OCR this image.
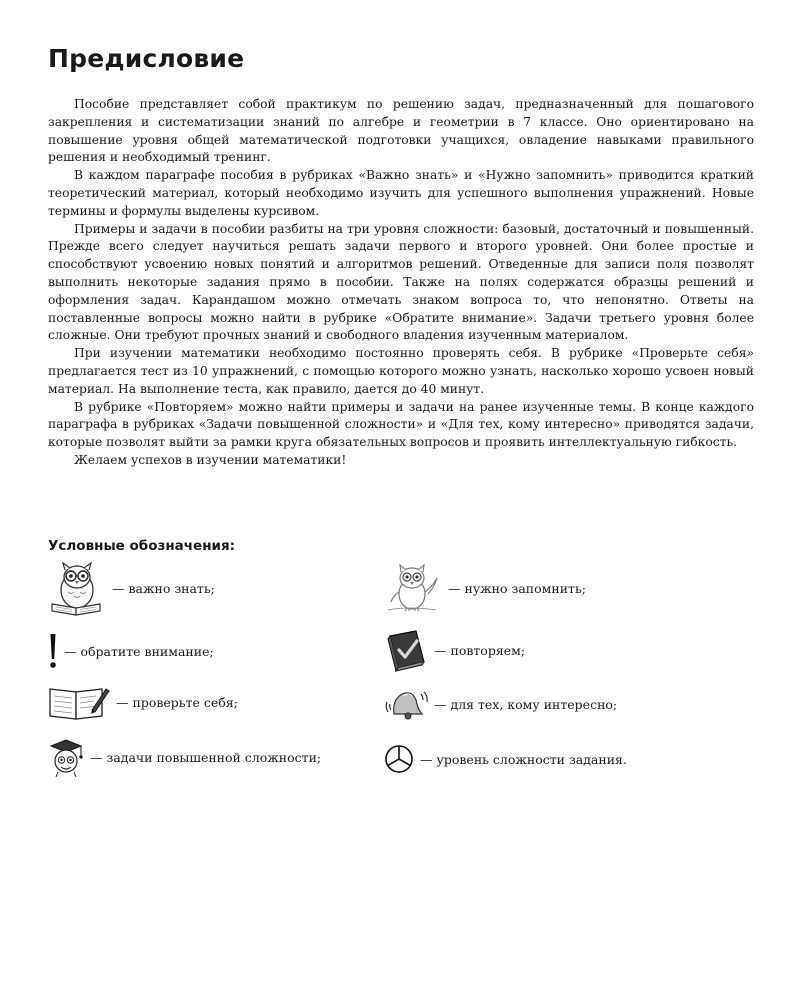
Предисловие

Пособие представляет собой практикум по решению задач, предназначенный для пошагового закрепления и систематизации знаний по алгебре и геометрии в 7 классе. Оно ориентировано на повышение уровня общей математической подготовки учащихся, овладение навыками правильного решения и необходимый тренинг.

В каждом параграфе пособия в рубриках «Важно знать» и «Нужно запомнить» приводится краткий теоретический материал, который необходимо изучить для успешного выполнения упражнений. Новые термины и формулы выделены курсивом.

Примеры и задачи в пособии разбиты на три уровня сложности: базовый, достаточный и повышенный. Прежде всего следует научиться решать задачи первого и второго уровней. Они более простые и способствуют усвоению новых понятий и алгоритмов решений. Отведенные для записи поля позволят выполнить некоторые задания прямо в пособии. Также на полях содержатся образцы решений и оформления задач. Карандашом можно отмечать знаком вопроса то, что непонятно. Ответы на поставленные вопросы можно найти в рубрике «Обратите внимание». Задачи третьего уровня более сложные. Они требуют прочных знаний и свободного владения изученным материалом.

При изучении математики необходимо постоянно проверять себя. В рубрике «Проверьте себя» предлагается тест из 10 упражнений, с помощью которого можно узнать, насколько хорошо усвоен новый материал. На выполнение теста, как правило, дается до 40 минут.

В рубрике «Повторяем» можно найти примеры и задачи на ранее изученные темы. В конце каждого параграфа в рубриках «Задачи повышенной сложности» и «Для тех, кому интересно» приводятся задачи, которые позволят выйти за рамки круга обязательных вопросов и проявить интеллектуальную гибкость.

Желаем успехов в изучении математики!

Условные обозначения:
— важно знать;	— нужно запомнить;
— обратите внимание;	— повторяем;
— проверьте себя;	— для тех, кому интересно;
— задачи повышенной сложности;	— уровень сложности задания.
